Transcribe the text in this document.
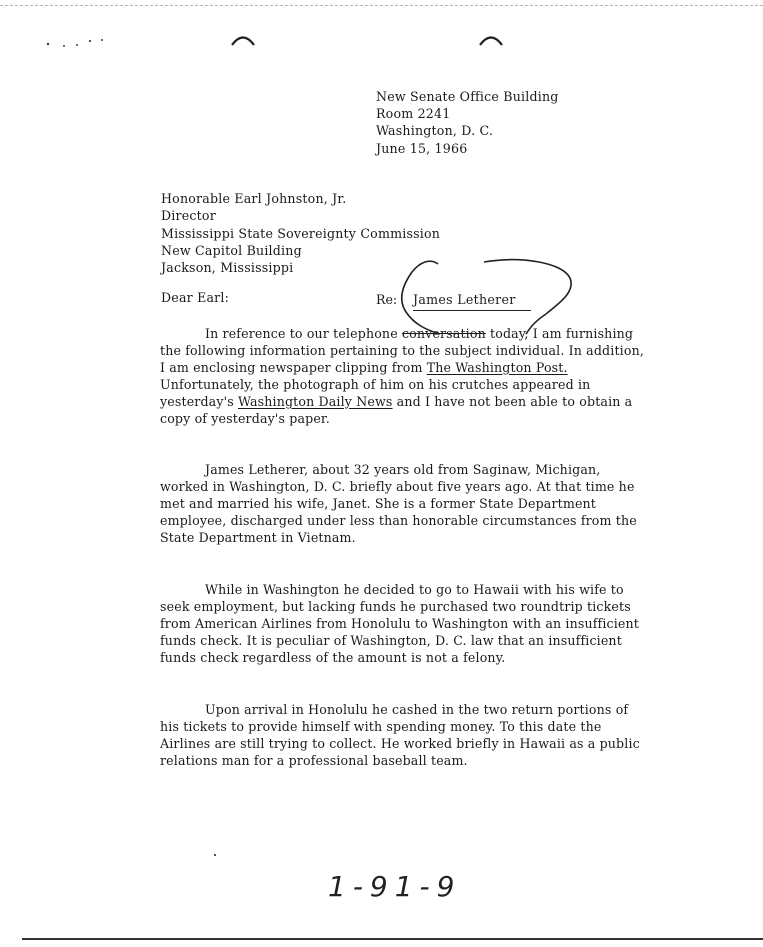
New Senate Office Building
Room 2241
Washington, D. C.
June 15, 1966
Honorable Earl Johnston, Jr.
Director
Mississippi State Sovereignty Commission
New Capitol Building
Jackson, Mississippi
Dear Earl:	Re: James Letherer
In reference to our telephone conversation today, I am furnishing the following information pertaining to the subject individual. In addition, I am enclosing newspaper clipping from The Washington Post. Unfortunately, the photograph of him on his crutches appeared in yesterday's Washington Daily News and I have not been able to obtain a copy of yesterday's paper.
James Letherer, about 32 years old from Saginaw, Michigan, worked in Washington, D. C. briefly about five years ago. At that time he met and married his wife, Janet. She is a former State Department employee, discharged under less than honorable circumstances from the State Department in Vietnam.
While in Washington he decided to go to Hawaii with his wife to seek employment, but lacking funds he purchased two roundtrip tickets from American Airlines from Honolulu to Washington with an insufficient funds check. It is peculiar of Washington, D. C. law that an insufficient funds check regardless of the amount is not a felony.
Upon arrival in Honolulu he cashed in the two return portions of his tickets to provide himself with spending money. To this date the Airlines are still trying to collect. He worked briefly in Hawaii as a public relations man for a professional baseball team.
1-91-9
